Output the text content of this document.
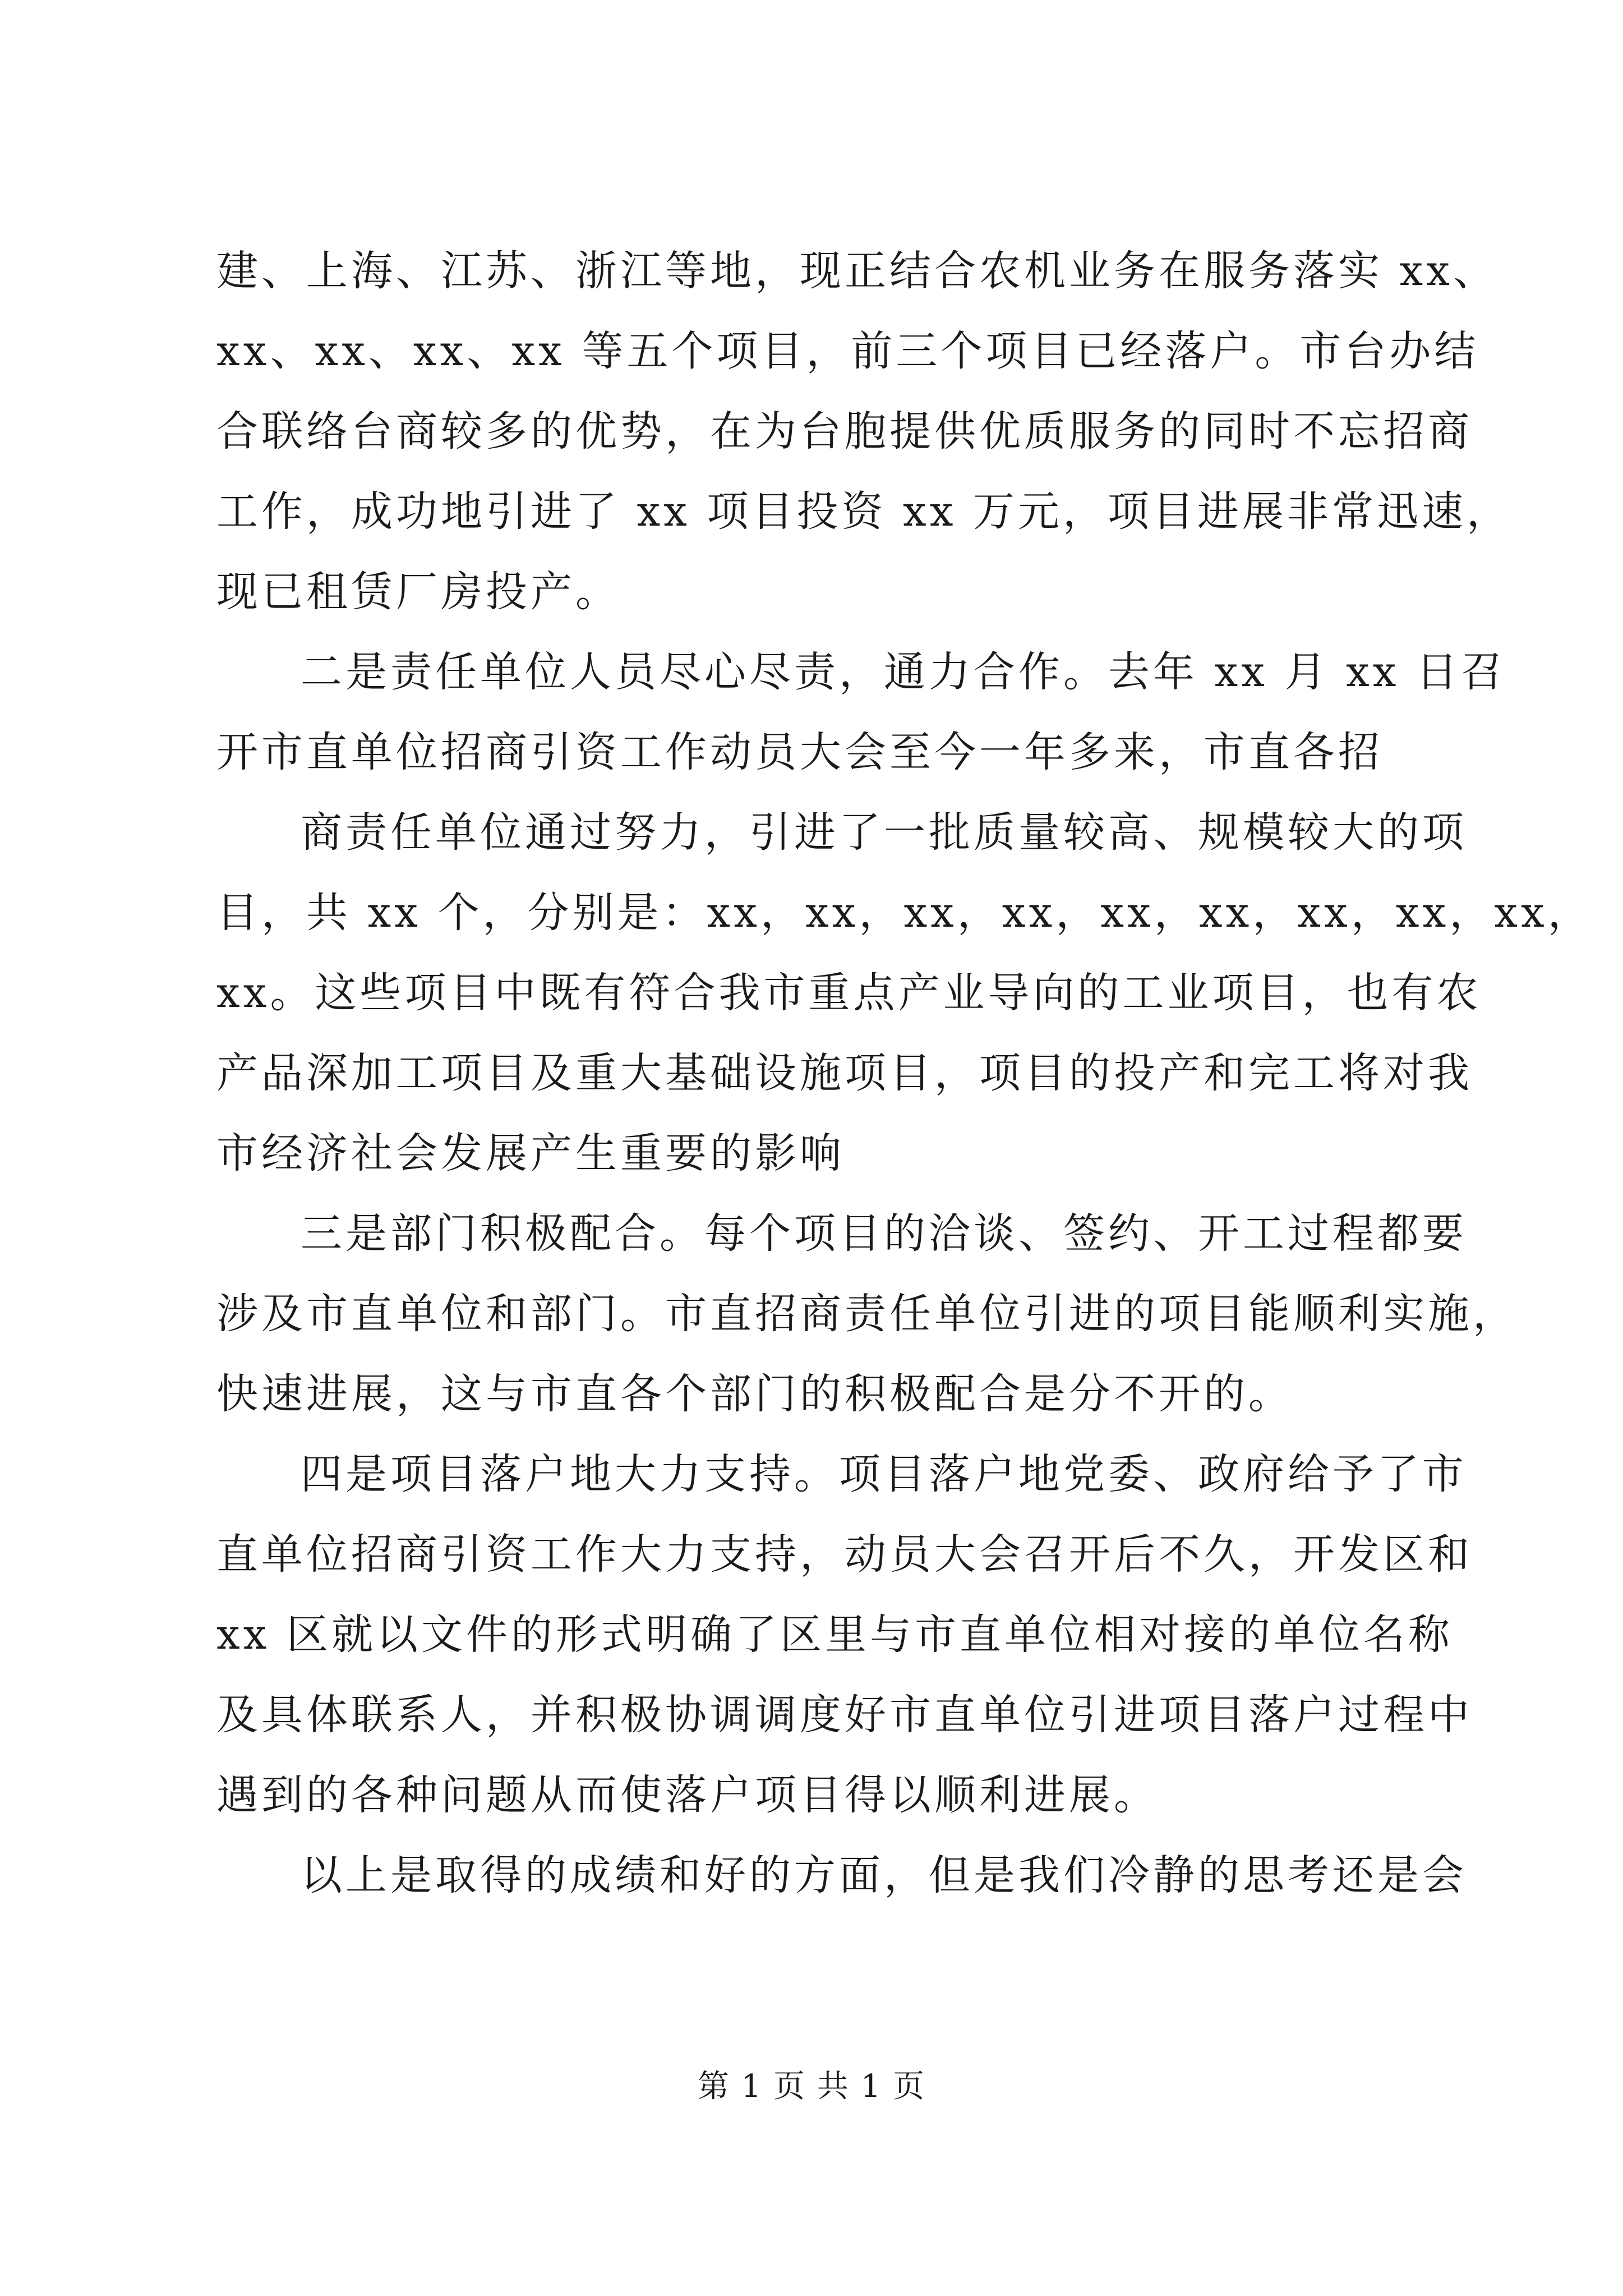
建、上海、江苏、浙江等地，现正结合农机业务在服务落实 xx、
xx、xx、xx、xx 等五个项目，前三个项目已经落户。市台办结
合联络台商较多的优势，在为台胞提供优质服务的同时不忘招商
工作，成功地引进了 xx 项目投资 xx 万元，项目进展非常迅速，
现已租赁厂房投产。
二是责任单位人员尽心尽责，通力合作。去年 xx 月 xx 日召
开市直单位招商引资工作动员大会至今一年多来，市直各招
商责任单位通过努力，引进了一批质量较高、规模较大的项
目，共 xx 个，分别是：xx，xx，xx，xx，xx，xx，xx，xx，xx，
xx。这些项目中既有符合我市重点产业导向的工业项目，也有农
产品深加工项目及重大基础设施项目，项目的投产和完工将对我
市经济社会发展产生重要的影响
三是部门积极配合。每个项目的洽谈、签约、开工过程都要
涉及市直单位和部门。市直招商责任单位引进的项目能顺利实施，
快速进展，这与市直各个部门的积极配合是分不开的。
四是项目落户地大力支持。项目落户地党委、政府给予了市
直单位招商引资工作大力支持，动员大会召开后不久，开发区和
xx 区就以文件的形式明确了区里与市直单位相对接的单位名称
及具体联系人，并积极协调调度好市直单位引进项目落户过程中
遇到的各种问题从而使落户项目得以顺利进展。
以上是取得的成绩和好的方面，但是我们冷静的思考还是会
第 1 页 共 1 页
